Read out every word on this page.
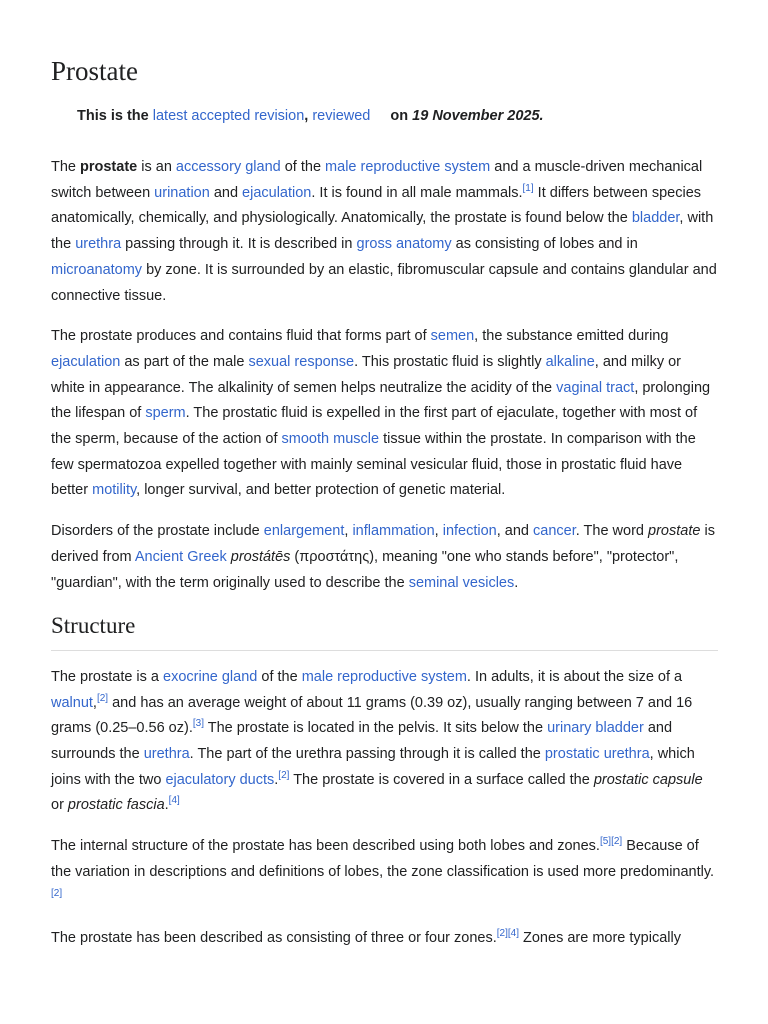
Prostate
This is the latest accepted revision, reviewed on 19 November 2025.

The prostate is an accessory gland of the male reproductive system and a muscle-driven mechanical switch between urination and ejaculation. It is found in all male mammals.[1] It differs between species anatomically, chemically, and physiologically. Anatomically, the prostate is found below the bladder, with the urethra passing through it. It is described in gross anatomy as consisting of lobes and in microanatomy by zone. It is surrounded by an elastic, fibromuscular capsule and contains glandular and connective tissue.

The prostate produces and contains fluid that forms part of semen, the substance emitted during ejaculation as part of the male sexual response. This prostatic fluid is slightly alkaline, and milky or white in appearance. The alkalinity of semen helps neutralize the acidity of the vaginal tract, prolonging the lifespan of sperm. The prostatic fluid is expelled in the first part of ejaculate, together with most of the sperm, because of the action of smooth muscle tissue within the prostate. In comparison with the few spermatozoa expelled together with mainly seminal vesicular fluid, those in prostatic fluid have better motility, longer survival, and better protection of genetic material.

Disorders of the prostate include enlargement, inflammation, infection, and cancer. The word prostate is derived from Ancient Greek prostátēs (προστάτης), meaning "one who stands before", "protector", "guardian", with the term originally used to describe the seminal vesicles.

Structure

The prostate is a exocrine gland of the male reproductive system. In adults, it is about the size of a walnut,[2] and has an average weight of about 11 grams (0.39 oz), usually ranging between 7 and 16 grams (0.25–0.56 oz).[3] The prostate is located in the pelvis. It sits below the urinary bladder and surrounds the urethra. The part of the urethra passing through it is called the prostatic urethra, which joins with the two ejaculatory ducts.[2] The prostate is covered in a surface called the prostatic capsule or prostatic fascia.[4]

The internal structure of the prostate has been described using both lobes and zones.[5][2] Because of the variation in descriptions and definitions of lobes, the zone classification is used more predominantly.[2]

The prostate has been described as consisting of three or four zones.[2][4] Zones are more typically
